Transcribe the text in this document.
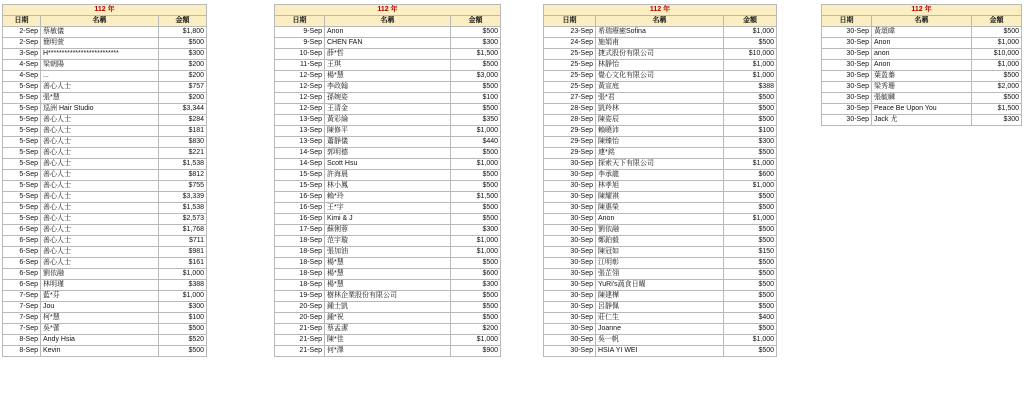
112 年		
日期	名稱	金額
2-Sep	蔡敏儀	$1,800
2-Sep	簡明萱	$500
3-Sep	H**************************	$300
4-Sep	梁朝陽	$200
4-Sep	...	$200
5-Sep	善心人士	$757
5-Sep	張*慧	$200
5-Sep	巡洲 Hair Studio	$3,344
5-Sep	善心人士	$284
5-Sep	善心人士	$181
5-Sep	善心人士	$830
5-Sep	善心人士	$221
5-Sep	善心人士	$1,538
5-Sep	善心人士	$812
5-Sep	善心人士	$755
5-Sep	善心人士	$3,339
5-Sep	善心人士	$1,538
5-Sep	善心人士	$2,573
6-Sep	善心人士	$1,768
6-Sep	善心人士	$711
6-Sep	善心人士	$981
6-Sep	善心人士	$161
6-Sep	劉依融	$1,000
6-Sep	林明瑾	$388
7-Sep	藍*芬	$1,000
7-Sep	Jou	$300
7-Sep	柯*慧	$100
7-Sep	吳*蕾	$500
8-Sep	Andy Hsia	$520
8-Sep	Kevin	$500
112 年		
日期	名稱	金額
9-Sep	Anon	$500
9-Sep	CHEN FAN	$300
10-Sep	薛*哲	$1,500
11-Sep	王琪	$500
12-Sep	楊*慧	$3,000
12-Sep	李政翰	$500
12-Sep	孫婉姿	$100
12-Sep	王清金	$500
13-Sep	黃彩綸	$350
13-Sep	陳修平	$1,000
13-Sep	蕭靜儀	$440
14-Sep	郭明德	$500
14-Sep	Scott Hsu	$1,000
15-Sep	許海晨	$500
15-Sep	林小鳳	$500
16-Sep	賴*玲	$1,500
16-Sep	王*宇	$500
16-Sep	Kimi & J	$500
17-Sep	蘇俐蓉	$300
18-Sep	范宇璇	$1,000
18-Sep	張加油	$1,000
18-Sep	楊*慧	$500
18-Sep	楊*慧	$600
18-Sep	楊*慧	$300
19-Sep	樹林企業股份有限公司	$500
20-Sep	鍾士凱	$500
20-Sep	鍾*祝	$500
21-Sep	蔡孟潔	$200
21-Sep	陳*佳	$1,000
21-Sep	何*澤	$900
112 年		
日期	名稱	金額
23-Sep	希瑞療癒Sofina	$1,000
24-Sep	施娟甫	$500
25-Sep	捷式股份有限公司	$10,000
25-Sep	林靜怡	$1,000
25-Sep	覺心文化有限公司	$1,000
25-Sep	黃宣庭	$388
27-Sep	張*君	$500
28-Sep	凱羚林	$500
28-Sep	陳姿辰	$500
29-Sep	賴曉沛	$100
29-Sep	陳臻怡	$300
29-Sep	連*銘	$500
30-Sep	探索天下有限公司	$1,000
30-Sep	李承龍	$600
30-Sep	林孝旭	$1,000
30-Sep	陳耀祺	$500
30-Sep	陳惠榮	$500
30-Sep	Anon	$1,000
30-Sep	劉依融	$500
30-Sep	鄭鉑毅	$500
30-Sep	陳冠如	$150
30-Sep	江明彰	$500
30-Sep	張芷翎	$500
30-Sep	YuRi's蔬食日曜	$500
30-Sep	陳建樺	$500
30-Sep	呂靜佩	$500
30-Sep	莊仁生	$400
30-Sep	Joanne	$500
30-Sep	吳一帆	$1,000
30-Sep	HSIA YI WEI	$500
112 年		
日期	名稱	金額
30-Sep	黃頌暐	$500
30-Sep	Anon	$1,000
30-Sep	anon	$10,000
30-Sep	Anon	$1,000
30-Sep	葉盈蓁	$500
30-Sep	梁秀珊	$2,000
30-Sep	張毓麟	$500
30-Sep	Peace Be Upon You	$1,500
30-Sep	Jack 尤	$300
